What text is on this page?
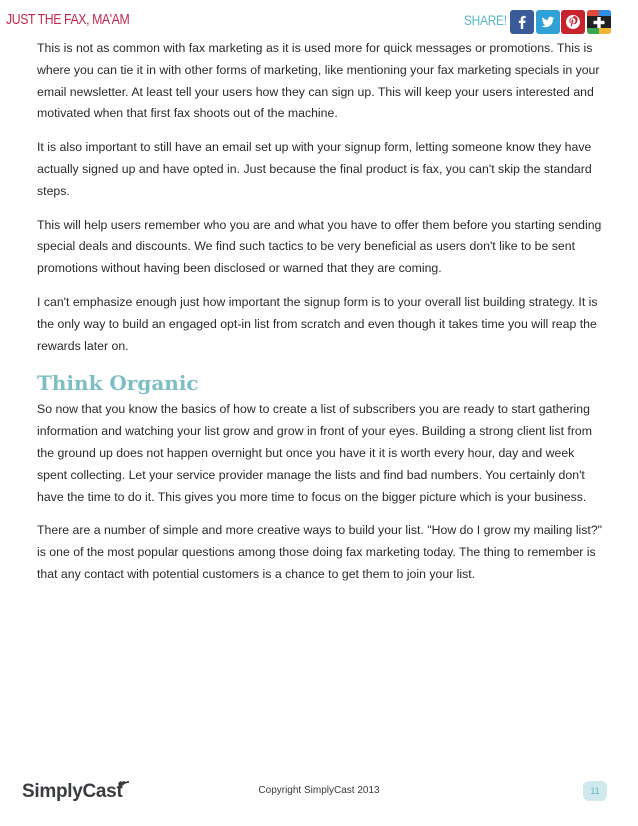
JUST THE FAX, MA'AM	SHARE!

This is not as common with fax marketing as it is used more for quick messages or promotions. This is where you can tie it in with other forms of marketing, like mentioning your fax marketing specials in your email newsletter. At least tell your users how they can sign up. This will keep your users interested and motivated when that first fax shoots out of the machine.

It is also important to still have an email set up with your signup form, letting someone know they have actually signed up and have opted in. Just because the final product is fax, you can't skip the standard steps.

This will help users remember who you are and what you have to offer them before you starting sending special deals and discounts. We find such tactics to be very beneficial as users don't like to be sent promotions without having been disclosed or warned that they are coming.

I can't emphasize enough just how important the signup form is to your overall list building strategy. It is the only way to build an engaged opt-in list from scratch and even though it takes time you will reap the rewards later on.

Think Organic

So now that you know the basics of how to create a list of subscribers you are ready to start gathering information and watching your list grow and grow in front of your eyes. Building a strong client list from the ground up does not happen overnight but once you have it it is worth every hour, day and week spent collecting. Let your service provider manage the lists and find bad numbers. You certainly don't have the time to do it. This gives you more time to focus on the bigger picture which is your business.

There are a number of simple and more creative ways to build your list. "How do I grow my mailing list?" is one of the most popular questions among those doing fax marketing today. The thing to remember is that any contact with potential customers is a chance to get them to join your list.

SimplyCast	Copyright SimplyCast 2013	11
